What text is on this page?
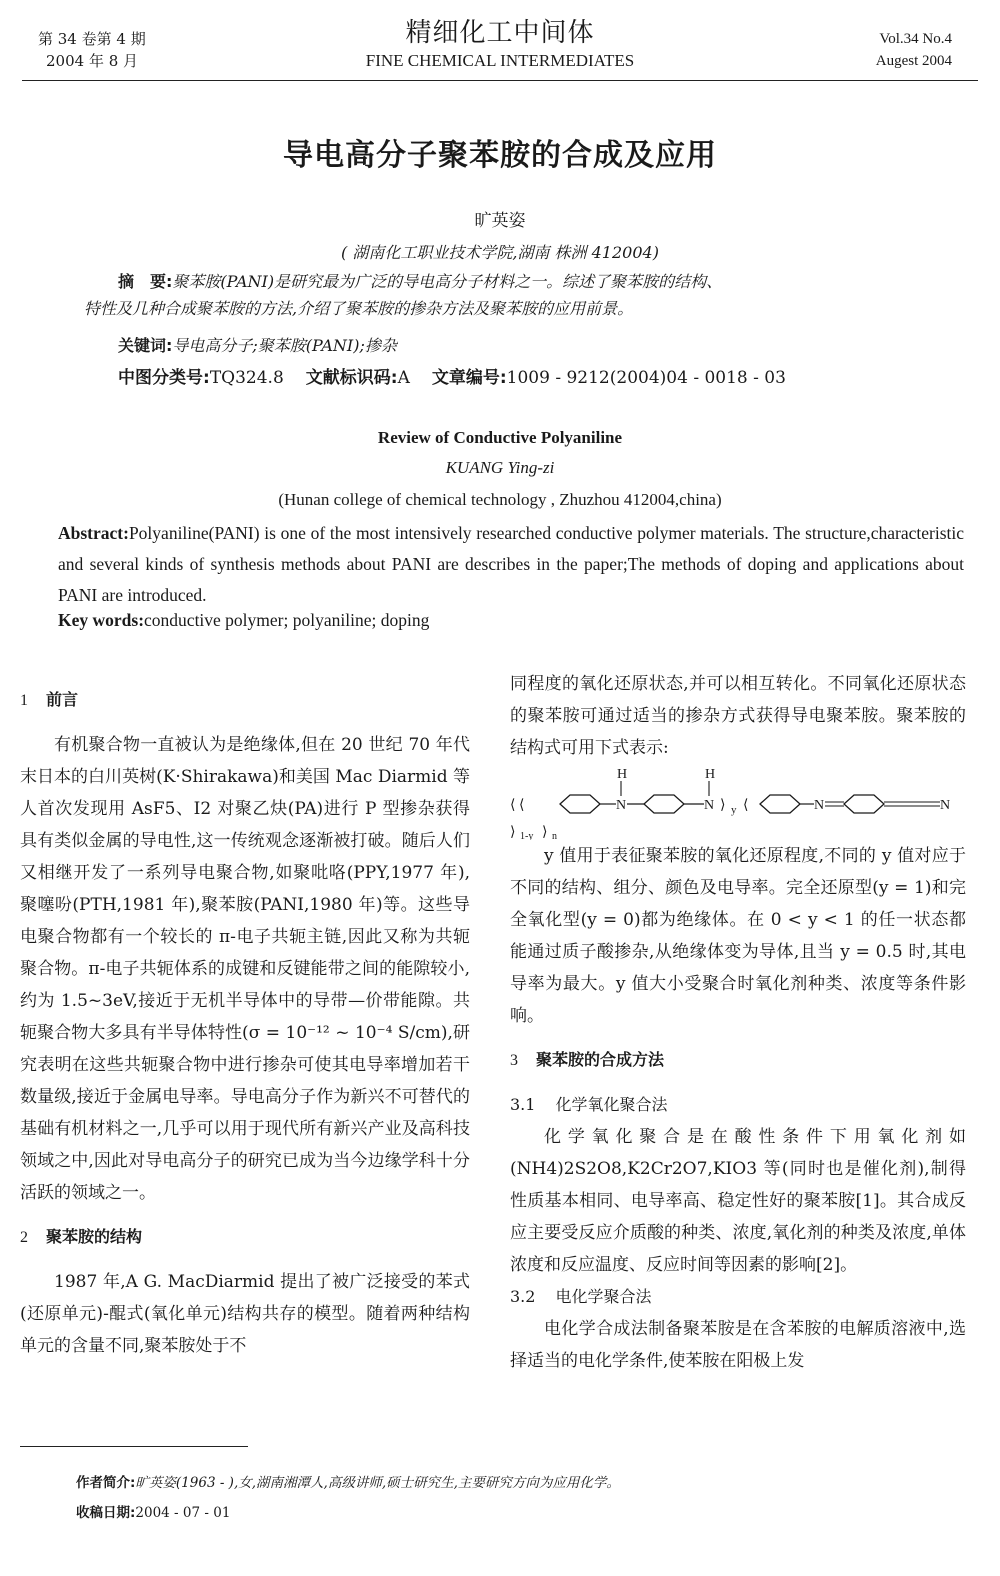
第 34 卷第 4 期
2004 年 8 月
精细化工中间体
FINE CHEMICAL INTERMEDIATES
Vol.34 No.4
Augest 2004
导电高分子聚苯胺的合成及应用
旷英姿
( 湖南化工职业技术学院,湖南 株洲 412004)
摘　要:聚苯胺(PANI)是研究最为广泛的导电高分子材料之一。综述了聚苯胺的结构、
特性及几种合成聚苯胺的方法,介绍了聚苯胺的掺杂方法及聚苯胺的应用前景。
关键词:导电高分子;聚苯胺(PANI);掺杂
中图分类号:TQ324.8 文献标识码:A 文章编号:1009 - 9212(2004)04 - 0018 - 03
Review of Conductive Polyaniline
KUANG Ying-zi
(Hunan college of chemical technology , Zhuzhou 412004,china)
Abstract:Polyaniline(PANI) is one of the most intensively researched conductive polymer materials. The structure,characteristic and several kinds of synthesis methods about PANI are describes in the paper;The methods of doping and applications about PANI are introduced.
Key words:conductive polymer; polyaniline; doping
1 前言

有机聚合物一直被认为是绝缘体,但在 20 世纪 70 年代末日本的白川英树(K·Shirakawa)和美国 Mac Diarmid 等人首次发现用 AsF5、I2 对聚乙炔(PA)进行 P 型掺杂获得具有类似金属的导电性,这一传统观念逐渐被打破。随后人们又相继开发了一系列导电聚合物,如聚吡咯(PPY,1977 年),聚噻吩(PTH,1981 年),聚苯胺(PANI,1980 年)等。这些导电聚合物都有一个较长的 π-电子共轭主链,因此又称为共轭聚合物。π-电子共轭体系的成键和反键能带之间的能隙较小,约为 1.5~3eV,接近于无机半导体中的导带—价带能隙。共轭聚合物大多具有半导体特性(σ = 10⁻¹² ~ 10⁻⁴ S/cm),研究表明在这些共轭聚合物中进行掺杂可使其电导率增加若干数量级,接近于金属电导率。导电高分子作为新兴不可替代的基础有机材料之一,几乎可以用于现代所有新兴产业及高科技领域之中,因此对导电高分子的研究已成为当今边缘学科十分活跃的领域之一。

2 聚苯胺的结构

1987 年,A G. MacDiarmid 提出了被广泛接受的苯式(还原单元)-醌式(氧化单元)结构共存的模型。随着两种结构单元的含量不同,聚苯胺处于不

同程度的氧化还原状态,并可以相互转化。不同氧化还原状态的聚苯胺可通过适当的掺杂方式获得导电聚苯胺。聚苯胺的结构式可用下式表示:

⟨ ⟨	N
H
N
H
⟩ y ⟨	N	N
⟩ 1-y ⟩ n

y 值用于表征聚苯胺的氧化还原程度,不同的 y 值对应于不同的结构、组分、颜色及电导率。完全还原型(y = 1)和完全氧化型(y = 0)都为绝缘体。在 0 < y < 1 的任一状态都能通过质子酸掺杂,从绝缘体变为导体,且当 y = 0.5 时,其电导率为最大。y 值大小受聚合时氧化剂种类、浓度等条件影响。

3 聚苯胺的合成方法
3.1 化学氧化聚合法

化学氧化聚合是在酸性条件下用氧化剂如(NH4)2S2O8,K2Cr2O7,KIO3 等(同时也是催化剂),制得性质基本相同、电导率高、稳定性好的聚苯胺[1]。其合成反应主要受反应介质酸的种类、浓度,氧化剂的种类及浓度,单体浓度和反应温度、反应时间等因素的影响[2]。

3.2 电化学聚合法

电化学合成法制备聚苯胺是在含苯胺的电解质溶液中,选择适当的电化学条件,使苯胺在阳极上发

作者简介:旷英姿(1963 - ),女,湖南湘潭人,高级讲师,硕士研究生,主要研究方向为应用化学。
收稿日期:2004 - 07 - 01
